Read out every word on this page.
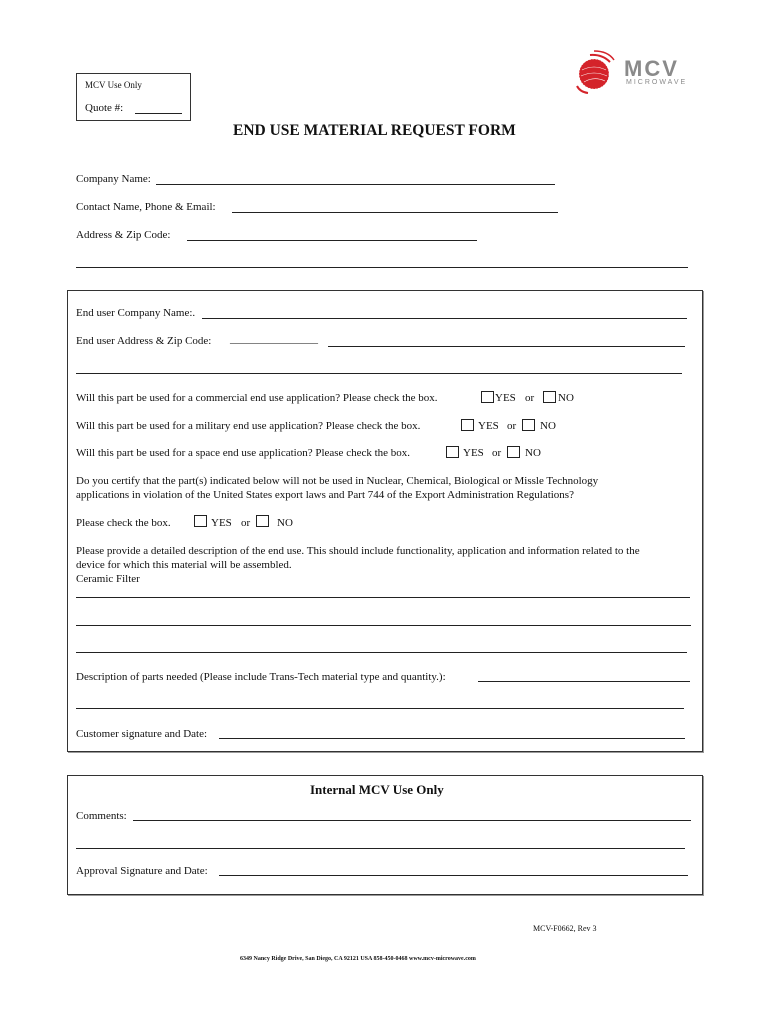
MCV Use Only
Quote #:
MCV
MICROWAVE
END USE MATERIAL REQUEST FORM
Company Name:
Contact Name, Phone & Email:
Address & Zip Code:
End user Company Name:.
End user Address & Zip Code: ________________
Will this part be used for a commercial end use application? Please check the box.	YES or NO
Will this part be used for a military end use application? Please check the box.	YES or NO
Will this part be used for a space end use application? Please check the box.	YES or NO
Do you certify that the part(s) indicated below will not be used in Nuclear, Chemical, Biological or Missle Technology
applications in violation of the United States export laws and Part 744 of the Export Administration Regulations?
Please check the box.	YES or NO
Please provide a detailed description of the end use. This should include functionality, application and information related to the
device for which this material will be assembled.
Ceramic Filter
Description of parts needed (Please include Trans-Tech material type and quantity.):
Customer signature and Date:
Internal MCV Use Only
Comments:
Approval Signature and Date:
MCV-F0662, Rev 3
6349 Nancy Ridge Drive, San Diego, CA 92121 USA 858-450-0468 www.mcv-microwave.com
